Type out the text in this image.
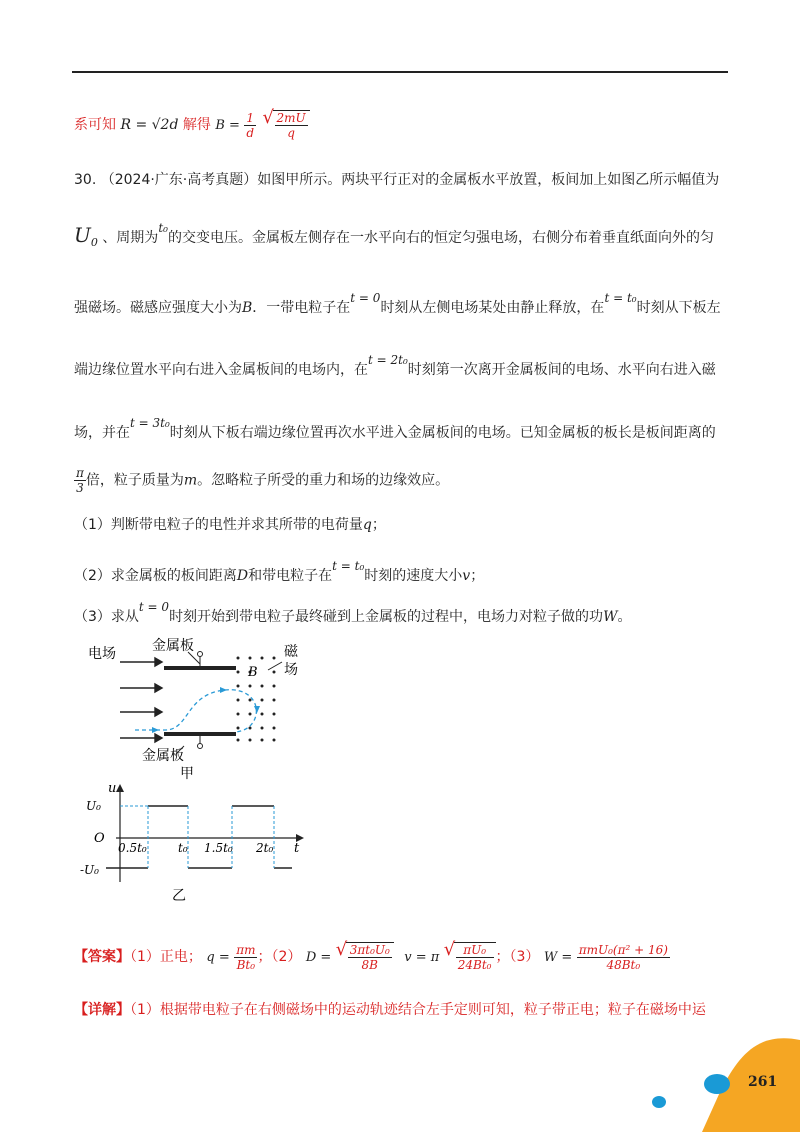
系可知 R = √2d 解得 $B = \frac{1}{d}$
√ $\frac{2mU}{q}$
30. （2024·广东·高考真题）如图甲所示。两块平行正对的金属板水平放置，板间加上如图乙所示幅值为
$U_0$ 、周期为t₀的交变电压。金属板左侧存在一水平向右的恒定匀强电场，右侧分布着垂直纸面向外的匀
强磁场。磁感应强度大小为B．一带电粒子在t = 0时刻从左侧电场某处由静止释放，在t = t₀时刻从下板左
端边缘位置水平向右进入金属板间的电场内，在t = 2t₀时刻第一次离开金属板间的电场、水平向右进入磁
场，并在t = 3t₀时刻从下板右端边缘位置再次水平进入金属板间的电场。已知金属板的板长是板间距离的
$\frac{\pi}{3}$ 倍，粒子质量为m。忽略粒子所受的重力和场的边缘效应。
（1）判断带电粒子的电性并求其所带的电荷量q；
（2）求金属板的板间距离D和带电粒子在t = t₀时刻的速度大小v；
（3）求从t = 0时刻开始到带电粒子最终碰到上金属板的过程中，电场力对粒子做的功W。
电场	金属板
金属板
B
磁
场
甲
u
t
O
U₀
-U₀
0.5t₀	t₀ 1.5t₀ 2t₀
乙
【答案】（1）正电； $q = \frac{\pi m}{\text{Bt₀}}$ ；（2） D = √ $\frac{\text{3πt₀U₀}}{8B}$ v = π √ $\frac{\text{πU₀}}{\text{24Bt₀}}$ ；（3） $W = \frac{\text{πmU₀(π² + 16)}}{\text{48Bt₀}}$
【详解】（1）根据带电粒子在右侧磁场中的运动轨迹结合左手定则可知，粒子带正电；粒子在磁场中运
261
